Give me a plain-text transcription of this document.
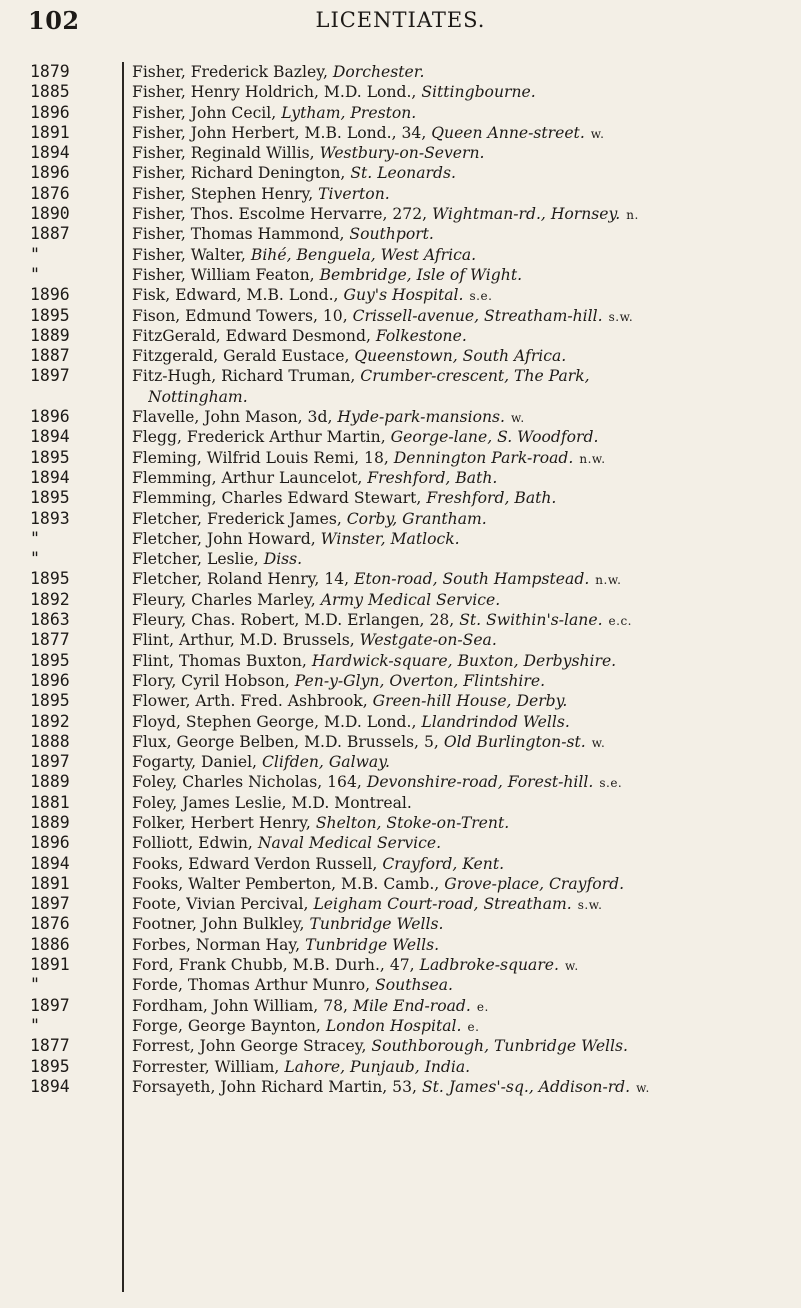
102	LICENTIATES.
1879	Fisher, Frederick Bazley, Dorchester.
1885	Fisher, Henry Holdrich, M.D. Lond., Sittingbourne.
1896	Fisher, John Cecil, Lytham, Preston.
1891	Fisher, John Herbert, M.B. Lond., 34, Queen Anne-street. w.
1894	Fisher, Reginald Willis, Westbury-on-Severn.
1896	Fisher, Richard Denington, St. Leonards.
1876	Fisher, Stephen Henry, Tiverton.
1890	Fisher, Thos. Escolme Hervarre, 272, Wightman-rd., Hornsey. n.
1887	Fisher, Thomas Hammond, Southport.
"	Fisher, Walter, Bihé, Benguela, West Africa.
"	Fisher, William Featon, Bembridge, Isle of Wight.
1896	Fisk, Edward, M.B. Lond., Guy's Hospital. s.e.
1895	Fison, Edmund Towers, 10, Crissell-avenue, Streatham-hill. s.w.
1889	FitzGerald, Edward Desmond, Folkestone.
1887	Fitzgerald, Gerald Eustace, Queenstown, South Africa.
1897	Fitz-Hugh, Richard Truman, Crumber-crescent, The Park,
Nottingham.
1896	Flavelle, John Mason, 3d, Hyde-park-mansions. w.
1894	Flegg, Frederick Arthur Martin, George-lane, S. Woodford.
1895	Fleming, Wilfrid Louis Remi, 18, Dennington Park-road. n.w.
1894	Flemming, Arthur Launcelot, Freshford, Bath.
1895	Flemming, Charles Edward Stewart, Freshford, Bath.
1893	Fletcher, Frederick James, Corby, Grantham.
"	Fletcher, John Howard, Winster, Matlock.
"	Fletcher, Leslie, Diss.
1895	Fletcher, Roland Henry, 14, Eton-road, South Hampstead. n.w.
1892	Fleury, Charles Marley, Army Medical Service.
1863	Fleury, Chas. Robert, M.D. Erlangen, 28, St. Swithin's-lane. e.c.
1877	Flint, Arthur, M.D. Brussels, Westgate-on-Sea.
1895	Flint, Thomas Buxton, Hardwick-square, Buxton, Derbyshire.
1896	Flory, Cyril Hobson, Pen-y-Glyn, Overton, Flintshire.
1895	Flower, Arth. Fred. Ashbrook, Green-hill House, Derby.
1892	Floyd, Stephen George, M.D. Lond., Llandrindod Wells.
1888	Flux, George Belben, M.D. Brussels, 5, Old Burlington-st. w.
1897	Fogarty, Daniel, Clifden, Galway.
1889	Foley, Charles Nicholas, 164, Devonshire-road, Forest-hill. s.e.
1881	Foley, James Leslie, M.D. Montreal.
1889	Folker, Herbert Henry, Shelton, Stoke-on-Trent.
1896	Folliott, Edwin, Naval Medical Service.
1894	Fooks, Edward Verdon Russell, Crayford, Kent.
1891	Fooks, Walter Pemberton, M.B. Camb., Grove-place, Crayford.
1897	Foote, Vivian Percival, Leigham Court-road, Streatham. s.w.
1876	Footner, John Bulkley, Tunbridge Wells.
1886	Forbes, Norman Hay, Tunbridge Wells.
1891	Ford, Frank Chubb, M.B. Durh., 47, Ladbroke-square. w.
"	Forde, Thomas Arthur Munro, Southsea.
1897	Fordham, John William, 78, Mile End-road. e.
"	Forge, George Baynton, London Hospital. e.
1877	Forrest, John George Stracey, Southborough, Tunbridge Wells.
1895	Forrester, William, Lahore, Punjaub, India.
1894	Forsayeth, John Richard Martin, 53, St. James'-sq., Addison-rd. w.
